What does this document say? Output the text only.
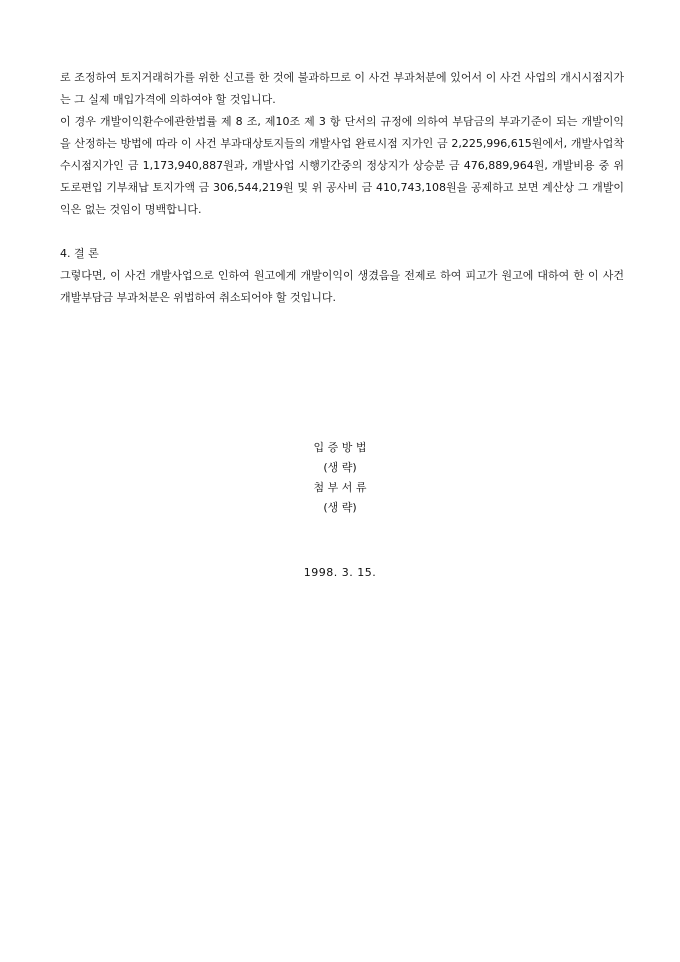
로 조정하여 토지거래허가를 위한 신고를 한 것에 불과하므로 이 사건 부과처분에 있어서 이 사건 사업의 개시시점지가는 그 실제 매입가격에 의하여야 할 것입니다.

이 경우 개발이익환수에관한법률 제 8 조, 제10조 제 3 항 단서의 규정에 의하여 부담금의 부과기준이 되는 개발이익을 산정하는 방법에 따라 이 사건 부과대상토지들의 개발사업 완료시점 지가인 금 2,225,996,615원에서, 개발사업착수시점지가인 금 1,173,940,887원과, 개발사업 시행기간중의 정상지가 상승분 금 476,889,964원, 개발비용 중 위 도로편입 기부채납 토지가액 금 306,544,219원 및 위 공사비 금 410,743,108원을 공제하고 보면 계산상 그 개발이익은 없는 것임이 명백합니다.

4. 결 론

그렇다면, 이 사건 개발사업으로 인하여 원고에게 개발이익이 생겼음을 전제로 하여 피고가 원고에 대하여 한 이 사건 개발부담금 부과처분은 위법하여 취소되어야 할 것입니다.

입 증 방 법
(생 략)
첨 부 서 류
(생 략)
1998. 3. 15.
